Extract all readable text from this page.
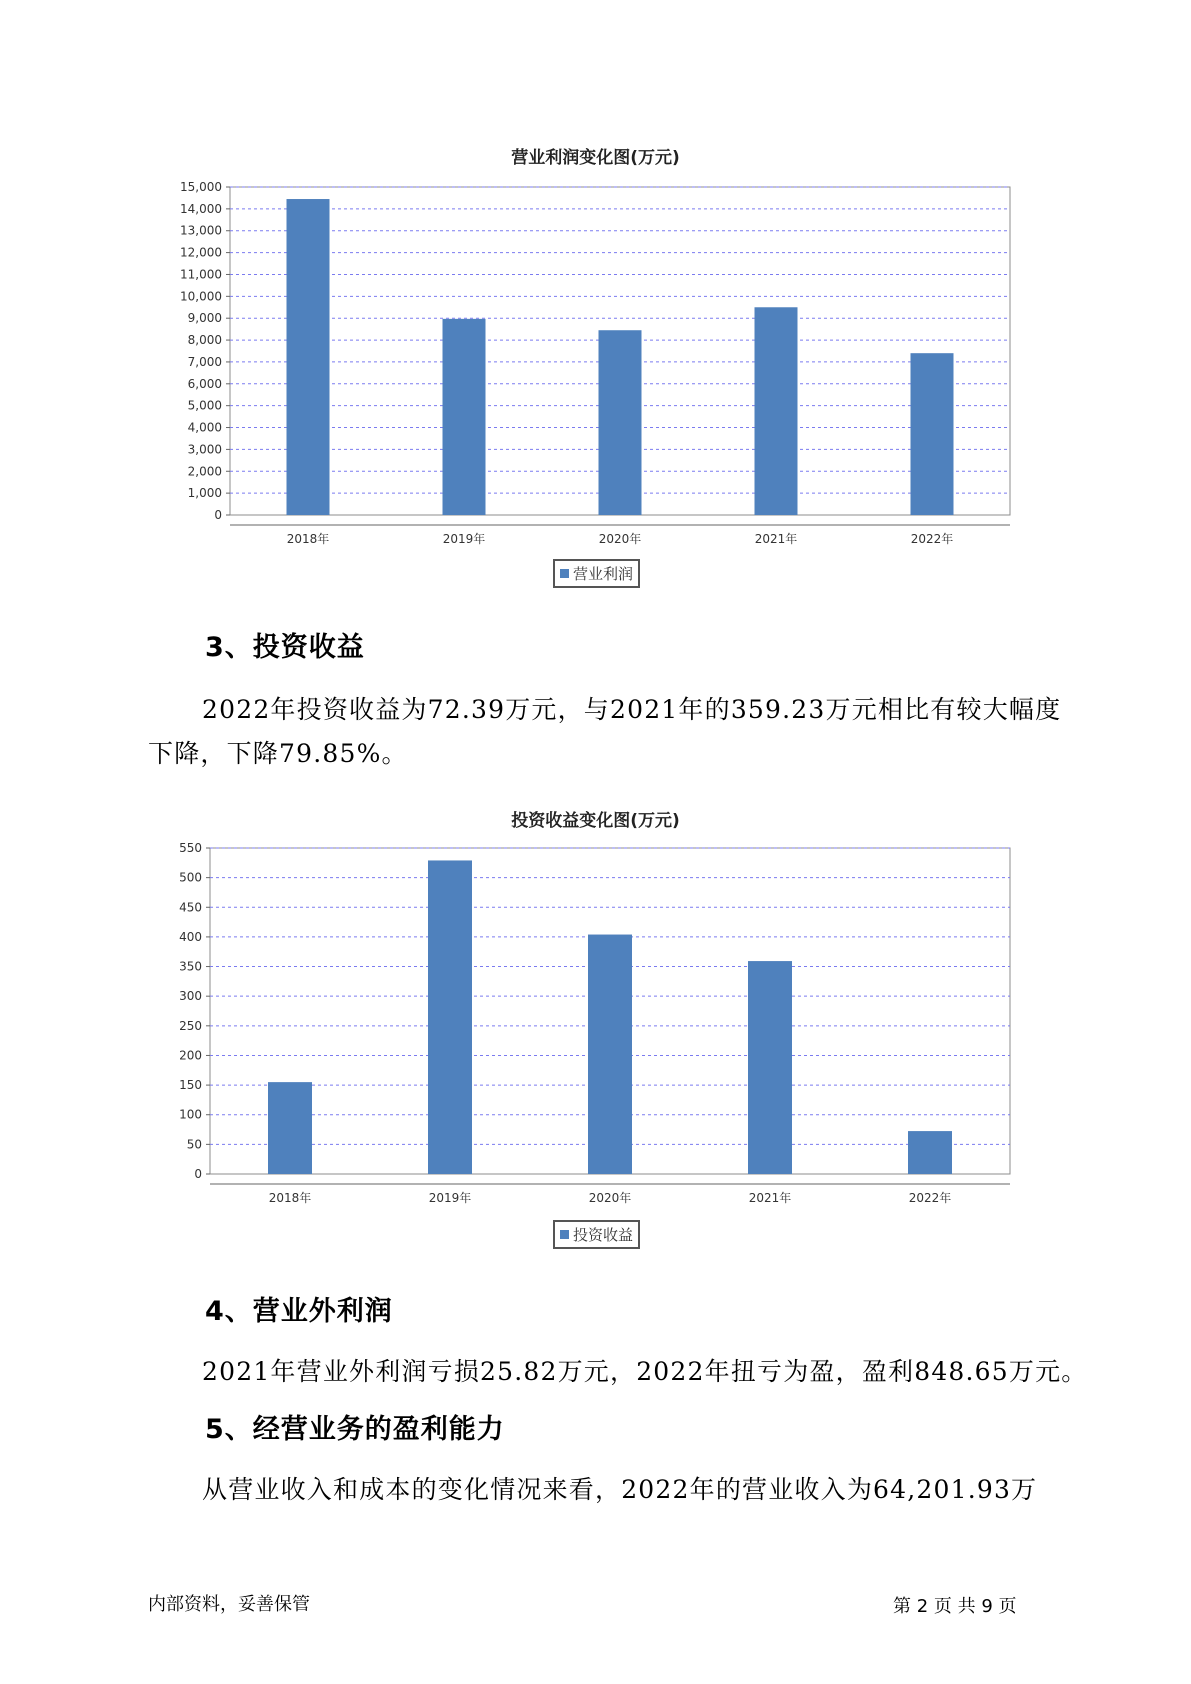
营业利润变化图(万元)
0
1,000
2,000
3,000
4,000
5,000
6,000
7,000
8,000
9,000
10,000
11,000
12,000
13,000
14,000
15,000
2018年	2019年	2020年	2021年	2022年
营业利润
3、投资收益
2022年投资收益为72.39万元，与2021年的359.23万元相比有较大幅度
下降，下降79.85%。
投资收益变化图(万元)
0
50
100
150
200
250
300
350
400
450
500
550
2018年	2019年	2020年	2021年	2022年
投资收益
4、营业外利润
2021年营业外利润亏损25.82万元，2022年扭亏为盈，盈利848.65万元。
5、经营业务的盈利能力
从营业收入和成本的变化情况来看，2022年的营业收入为64,201.93万
内部资料，妥善保管	第 2 页 共 9 页
